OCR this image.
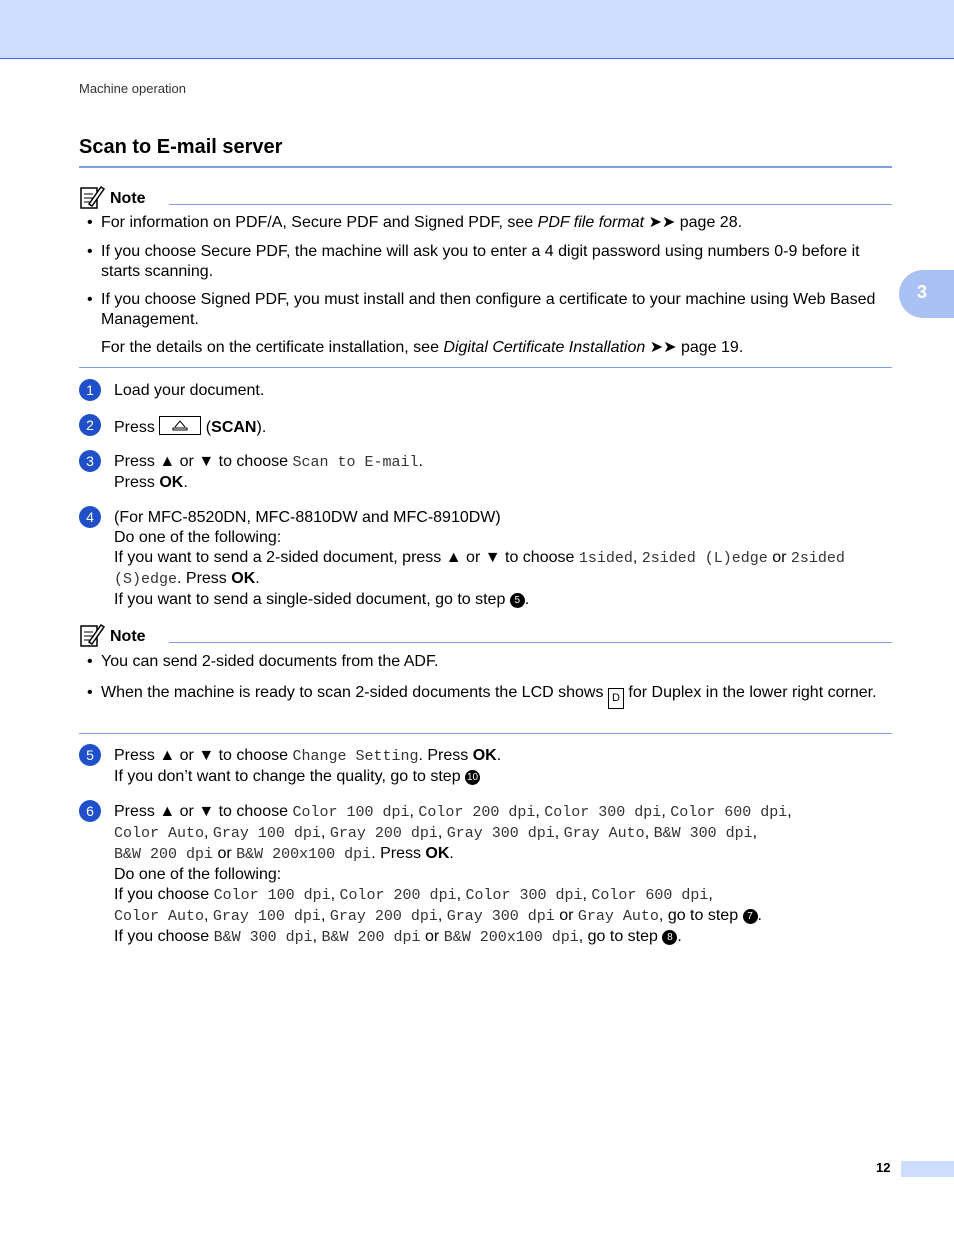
Machine operation
Scan to E-mail server
3
Note
• For information on PDF/A, Secure PDF and Signed PDF, see PDF file format ➤➤ page 28.
• If you choose Secure PDF, the machine will ask you to enter a 4 digit password using numbers 0-9 before it starts scanning.
• If you choose Signed PDF, you must install and then configure a certificate to your machine using Web Based Management.
For the details on the certificate installation, see Digital Certificate Installation ➤➤ page 19.
1	Load your document.
2	Press	(SCAN).
3	Press ▲ or ▼ to choose Scan to E-mail.
Press OK.
4	(For MFC-8520DN, MFC-8810DW and MFC-8910DW)
Do one of the following:
If you want to send a 2-sided document, press ▲ or ▼ to choose 1sided, 2sided (L)edge or 2sided (S)edge. Press OK.
If you want to send a single-sided document, go to step 5 .
Note
• You can send 2-sided documents from the ADF.
• When the machine is ready to scan 2-sided documents the LCD shows D for Duplex in the lower right corner.
5	Press ▲ or ▼ to choose Change Setting. Press OK.
If you don’t want to change the quality, go to step 10
6	Press ▲ or ▼ to choose Color 100 dpi, Color 200 dpi, Color 300 dpi, Color 600 dpi,
Color Auto, Gray 100 dpi, Gray 200 dpi, Gray 300 dpi, Gray Auto, B&W 300 dpi,
B&W 200 dpi or B&W 200x100 dpi. Press OK.
Do one of the following:
If you choose Color 100 dpi, Color 200 dpi, Color 300 dpi, Color 600 dpi,
Color Auto, Gray 100 dpi, Gray 200 dpi, Gray 300 dpi or Gray Auto, go to step 7 .
If you choose B&W 300 dpi, B&W 200 dpi or B&W 200x100 dpi, go to step 8 .
12
